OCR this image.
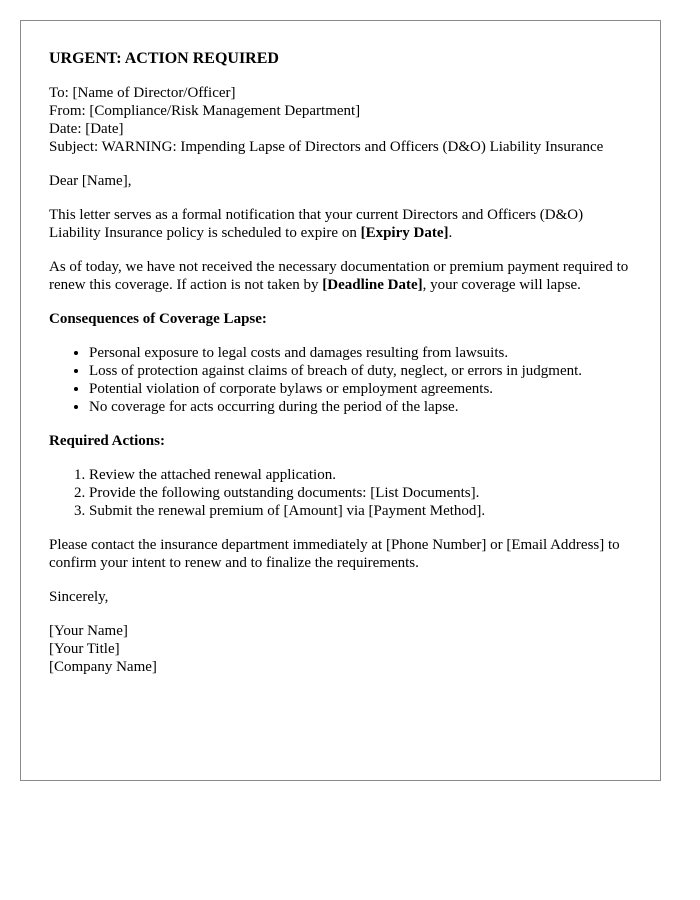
URGENT: ACTION REQUIRED
To: [Name of Director/Officer]
From: [Compliance/Risk Management Department]
Date: [Date]
Subject: WARNING: Impending Lapse of Directors and Officers (D&O) Liability Insurance

Dear [Name],

This letter serves as a formal notification that your current Directors and Officers (D&O) Liability Insurance policy is scheduled to expire on [Expiry Date].

As of today, we have not received the necessary documentation or premium payment required to renew this coverage. If action is not taken by [Deadline Date], your coverage will lapse.

Consequences of Coverage Lapse:
• Personal exposure to legal costs and damages resulting from lawsuits.
• Loss of protection against claims of breach of duty, neglect, or errors in judgment.
• Potential violation of corporate bylaws or employment agreements.
• No coverage for acts occurring during the period of the lapse.
Required Actions:
1. Review the attached renewal application.
2. Provide the following outstanding documents: [List Documents].
3. Submit the renewal premium of [Amount] via [Payment Method].

Please contact the insurance department immediately at [Phone Number] or [Email Address] to confirm your intent to renew and to finalize the requirements.

Sincerely,

[Your Name]
[Your Title]
[Company Name]
